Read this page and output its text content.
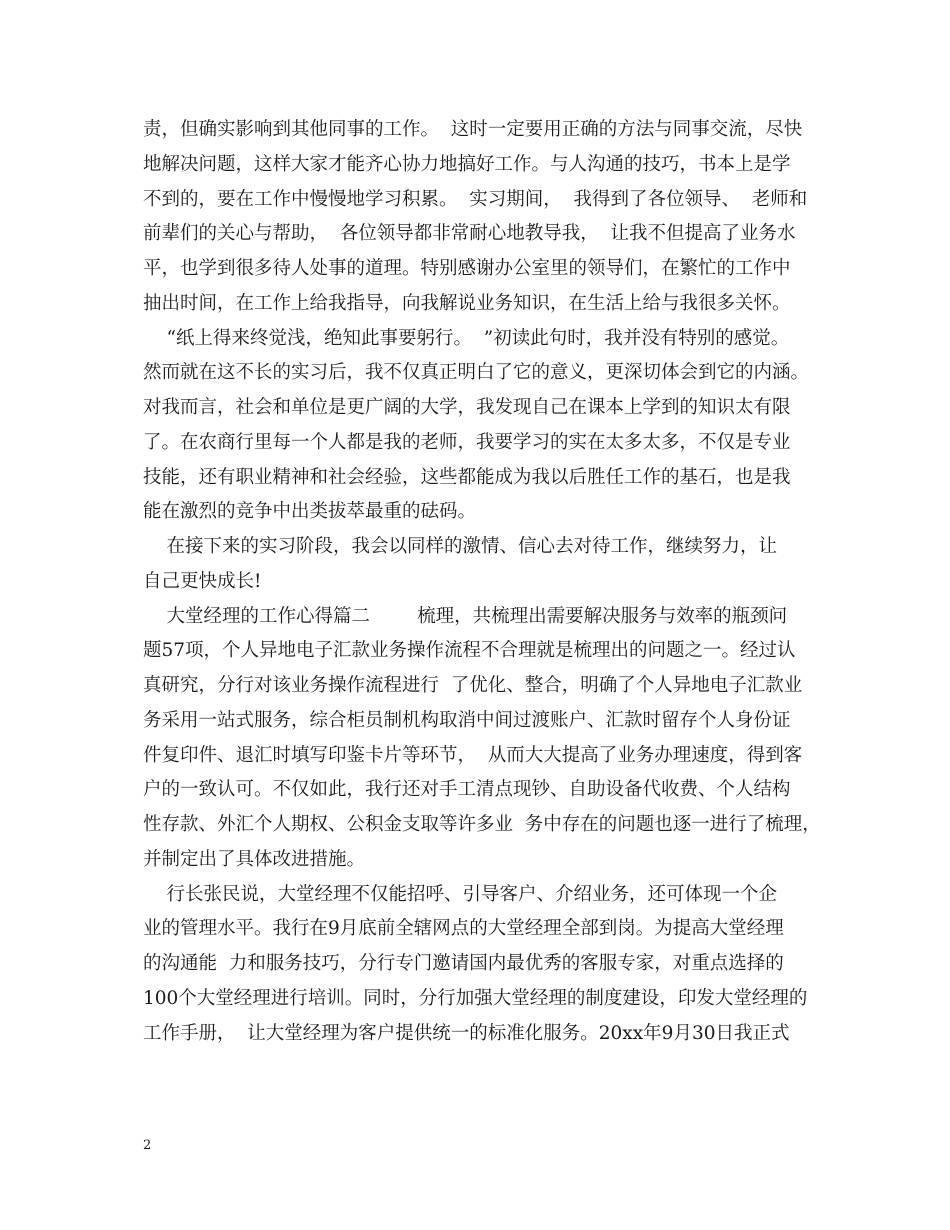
责，但确实影响到其他同事的工作。  这时一定要用正确的方法与同事交流，尽快
地解决问题，这样大家才能齐心协力地搞好工作。与人沟通的技巧，书本上是学
不到的，要在工作中慢慢地学习积累。  实习期间，  我得到了各位领导、  老师和
前辈们的关心与帮助，  各位领导都非常耐心地教导我，  让我不但提高了业务水
平，也学到很多待人处事的道理。特别感谢办公室里的领导们，在繁忙的工作中
抽出时间，在工作上给我指导，向我解说业务知识，在生活上给与我很多关怀。
“纸上得来终觉浅，绝知此事要躬行。  ”初读此句时，我并没有特别的感觉。
然而就在这不长的实习后，我不仅真正明白了它的意义，更深切体会到它的内涵。
对我而言，社会和单位是更广阔的大学，我发现自己在课本上学到的知识太有限
了。在农商行里每一个人都是我的老师，我要学习的实在太多太多，不仅是专业
技能，还有职业精神和社会经验，这些都能成为我以后胜任工作的基石，也是我
能在激烈的竞争中出类拔萃最重的砝码。
在接下来的实习阶段，我会以同样的激情、信心去对待工作，继续努力，让
自己更快成长!
大堂经理的工作心得篇二        梳理，共梳理出需要解决服务与效率的瓶颈问
题57项，个人异地电子汇款业务操作流程不合理就是梳理出的问题之一。经过认
真研究，分行对该业务操作流程进行  了优化、整合，明确了个人异地电子汇款业
务采用一站式服务，综合柜员制机构取消中间过渡账户、汇款时留存个人身份证
件复印件、退汇时填写印鉴卡片等环节，  从而大大提高了业务办理速度，得到客
户的一致认可。不仅如此，我行还对手工清点现钞、自助设备代收费、个人结构
性存款、外汇个人期权、公积金支取等许多业  务中存在的问题也逐一进行了梳理，
并制定出了具体改进措施。
行长张民说，大堂经理不仅能招呼、引导客户、介绍业务，还可体现一个企
业的管理水平。我行在9月底前全辖网点的大堂经理全部到岗。为提高大堂经理
的沟通能  力和服务技巧，分行专门邀请国内最优秀的客服专家，对重点选择的
100个大堂经理进行培训。同时，分行加强大堂经理的制度建设，印发大堂经理的
工作手册，  让大堂经理为客户提供统一的标准化服务。20xx年9月30日我正式
2
